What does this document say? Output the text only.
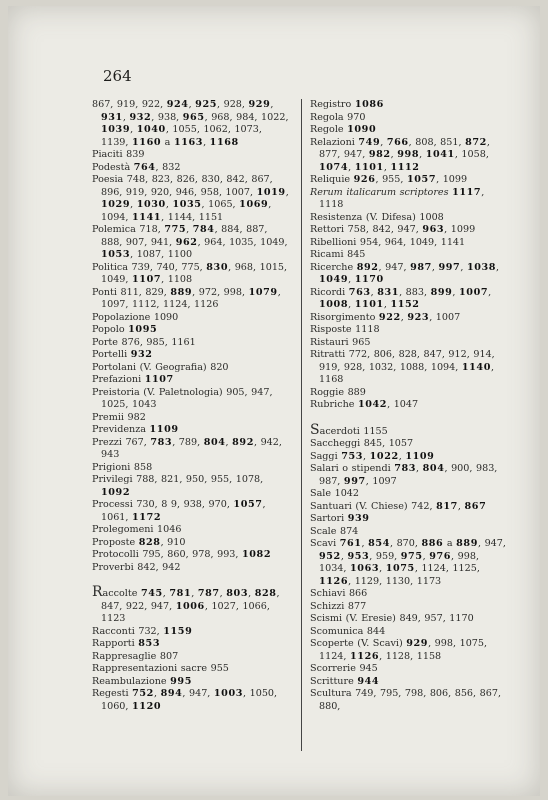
264
867, 919, 922, 924, 925, 928, 929, 931, 932, 938, 965, 968, 984, 1022, 1039, 1040, 1055, 1062, 1073, 1139, 1160 a 1163, 1168
Piaciti 839
Podestà 764, 832
Poesia 748, 823, 826, 830, 842, 867, 896, 919, 920, 946, 958, 1007, 1019, 1029, 1030, 1035, 1065, 1069, 1094, 1141, 1144, 1151
Polemica 718, 775, 784, 884, 887, 888, 907, 941, 962, 964, 1035, 1049, 1053, 1087, 1100
Politica 739, 740, 775, 830, 968, 1015, 1049, 1107, 1108
Ponti 811, 829, 889, 972, 998, 1079, 1097, 1112, 1124, 1126
Popolazione 1090
Popolo 1095
Porte 876, 985, 1161
Portelli 932
Portolani (V. Geografia) 820
Prefazioni 1107
Preistoria (V. Paletnologia) 905, 947, 1025, 1043
Premii 982
Previdenza 1109
Prezzi 767, 783, 789, 804, 892, 942, 943
Prigioni 858
Privilegi 788, 821, 950, 955, 1078, 1092
Processi 730, 8 9, 938, 970, 1057, 1061, 1172
Prolegomeni 1046
Proposte 828, 910
Protocolli 795, 860, 978, 993, 1082
Proverbi 842, 942
Raccolte 745, 781, 787, 803, 828, 847, 922, 947, 1006, 1027, 1066, 1123
Racconti 732, 1159
Rapporti 853
Rappresaglie 807
Rappresentazioni sacre 955
Reambulazione 995
Regesti 752, 894, 947, 1003, 1050, 1060, 1120
Registro 1086
Regola 970
Regole 1090
Relazioni 749, 766, 808, 851, 872, 877, 947, 982, 998, 1041, 1058, 1074, 1101, 1112
Reliquie 926, 955, 1057, 1099
Rerum italicarum scriptores 1117, 1118
Resistenza (V. Difesa) 1008
Rettori 758, 842, 947, 963, 1099
Ribellioni 954, 964, 1049, 1141
Ricami 845
Ricerche 892, 947, 987, 997, 1038, 1049, 1170
Ricordi 763, 831, 883, 899, 1007, 1008, 1101, 1152
Risorgimento 922, 923, 1007
Risposte 1118
Ristauri 965
Ritratti 772, 806, 828, 847, 912, 914, 919, 928, 1032, 1088, 1094, 1140, 1168
Roggie 889
Rubriche 1042, 1047
Sacerdoti 1155
Saccheggi 845, 1057
Saggi 753, 1022, 1109
Salari o stipendi 783, 804, 900, 983, 987, 997, 1097
Sale 1042
Santuari (V. Chiese) 742, 817, 867
Sartori 939
Scale 874
Scavi 761, 854, 870, 886 a 889, 947, 952, 953, 959, 975, 976, 998, 1034, 1063, 1075, 1124, 1125, 1126, 1129, 1130, 1173
Schiavi 866
Schizzi 877
Scismi (V. Eresie) 849, 957, 1170
Scomunica 844
Scoperte (V. Scavi) 929, 998, 1075, 1124, 1126, 1128, 1158
Scorrerie 945
Scritture 944
Scultura 749, 795, 798, 806, 856, 867, 880,
